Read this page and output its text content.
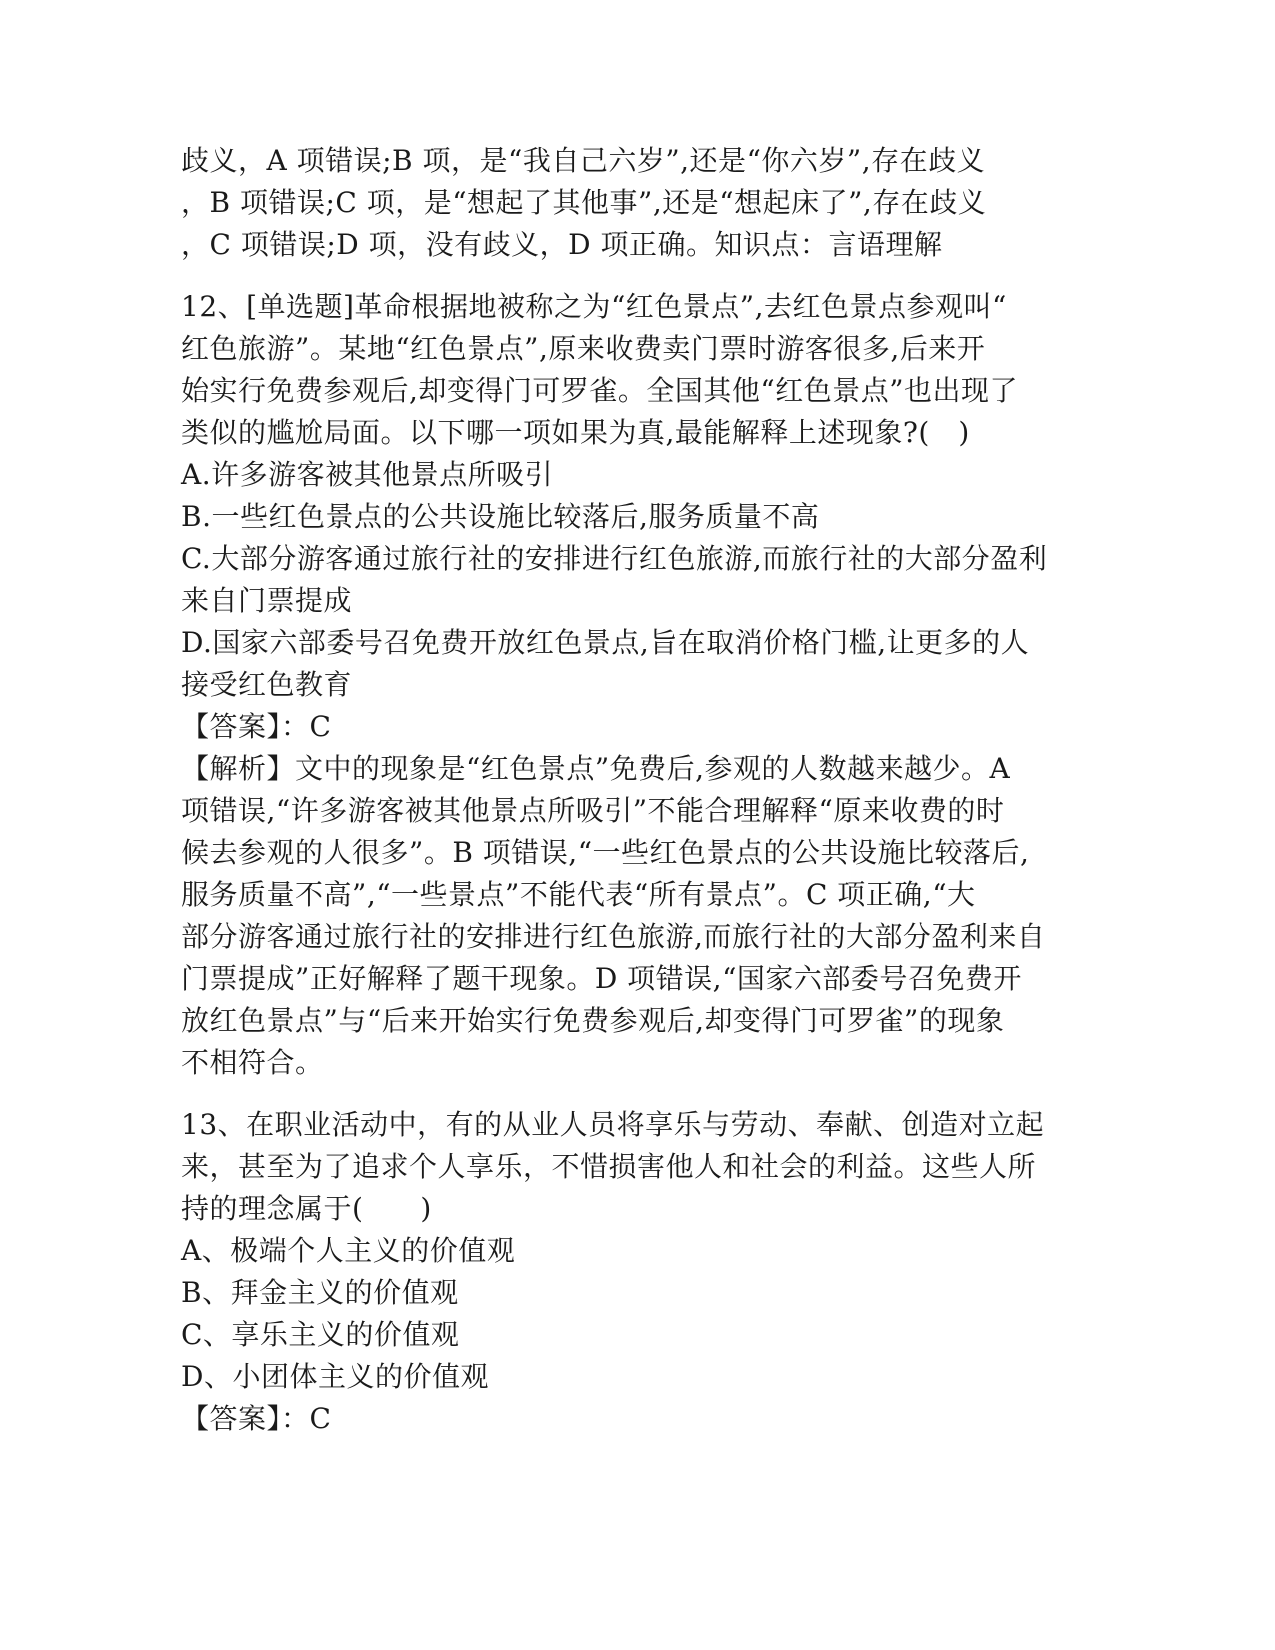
歧义，A 项错误;B 项，是“我自己六岁”,还是“你六岁”,存在歧义
，B 项错误;C 项，是“想起了其他事”,还是“想起床了”,存在歧义
，C 项错误;D 项，没有歧义，D 项正确。知识点：言语理解
12、[单选题]革命根据地被称之为“红色景点”,去红色景点参观叫“
红色旅游”。某地“红色景点”,原来收费卖门票时游客很多,后来开
始实行免费参观后,却变得门可罗雀。全国其他“红色景点”也出现了
类似的尴尬局面。以下哪一项如果为真,最能解释上述现象?(　)
A.许多游客被其他景点所吸引
B.一些红色景点的公共设施比较落后,服务质量不高
C.大部分游客通过旅行社的安排进行红色旅游,而旅行社的大部分盈利
来自门票提成
D.国家六部委号召免费开放红色景点,旨在取消价格门槛,让更多的人
接受红色教育
【答案】：C
【解析】文中的现象是“红色景点”免费后,参观的人数越来越少。A
项错误,“许多游客被其他景点所吸引”不能合理解释“原来收费的时
候去参观的人很多”。B 项错误,“一些红色景点的公共设施比较落后,
服务质量不高”,“一些景点”不能代表“所有景点”。C 项正确,“大
部分游客通过旅行社的安排进行红色旅游,而旅行社的大部分盈利来自
门票提成”正好解释了题干现象。D 项错误,“国家六部委号召免费开
放红色景点”与“后来开始实行免费参观后,却变得门可罗雀”的现象
不相符合。
13、在职业活动中，有的从业人员将享乐与劳动、奉献、创造对立起
来，甚至为了追求个人享乐，不惜损害他人和社会的利益。这些人所
持的理念属于(　　)
A、极端个人主义的价值观
B、拜金主义的价值观
C、享乐主义的价值观
D、小团体主义的价值观
【答案】：C
